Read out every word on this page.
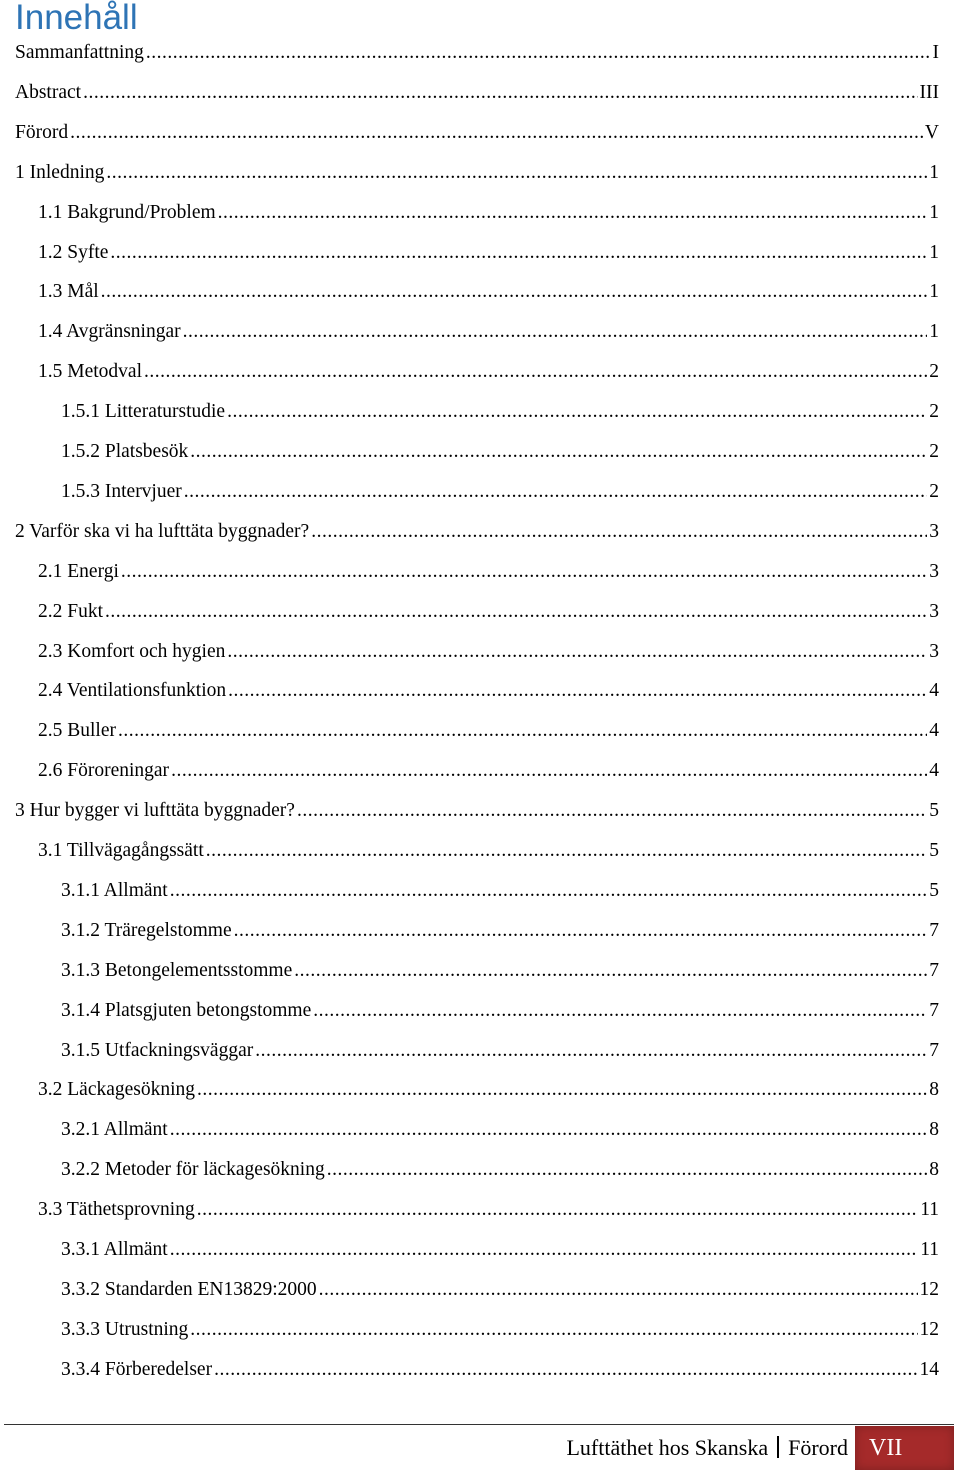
Innehåll
Sammanfattning .....	I
Abstract .....	III
Förord .....	V
1 Inledning .....	1
1.1 Bakgrund/Problem .....	1
1.2 Syfte .....	1
1.3 Mål .....	1
1.4 Avgränsningar .....	1
1.5 Metodval .....	2
1.5.1 Litteraturstudie .....	2
1.5.2 Platsbesök .....	2
1.5.3 Intervjuer .....	2
2 Varför ska vi ha lufttäta byggnader? .....	3
2.1 Energi .....	3
2.2 Fukt .....	3
2.3 Komfort och hygien .....	3
2.4 Ventilationsfunktion .....	4
2.5 Buller .....	4
2.6 Föroreningar .....	4
3 Hur bygger vi lufttäta byggnader? .....	5
3.1 Tillvägagångssätt .....	5
3.1.1 Allmänt .....	5
3.1.2 Träregelstomme .....	7
3.1.3 Betongelementsstomme .....	7
3.1.4 Platsgjuten betongstomme .....	7
3.1.5 Utfackningsväggar .....	7
3.2 Läckagesökning .....	8
3.2.1 Allmänt .....	8
3.2.2 Metoder för läckagesökning .....	8
3.3 Täthetsprovning .....	11
3.3.1 Allmänt .....	11
3.3.2 Standarden EN13829:2000 .....	12
3.3.3 Utrustning .....	12
3.3.4 Förberedelser .....	14
Lufttäthet hos Skanska Förord VII
